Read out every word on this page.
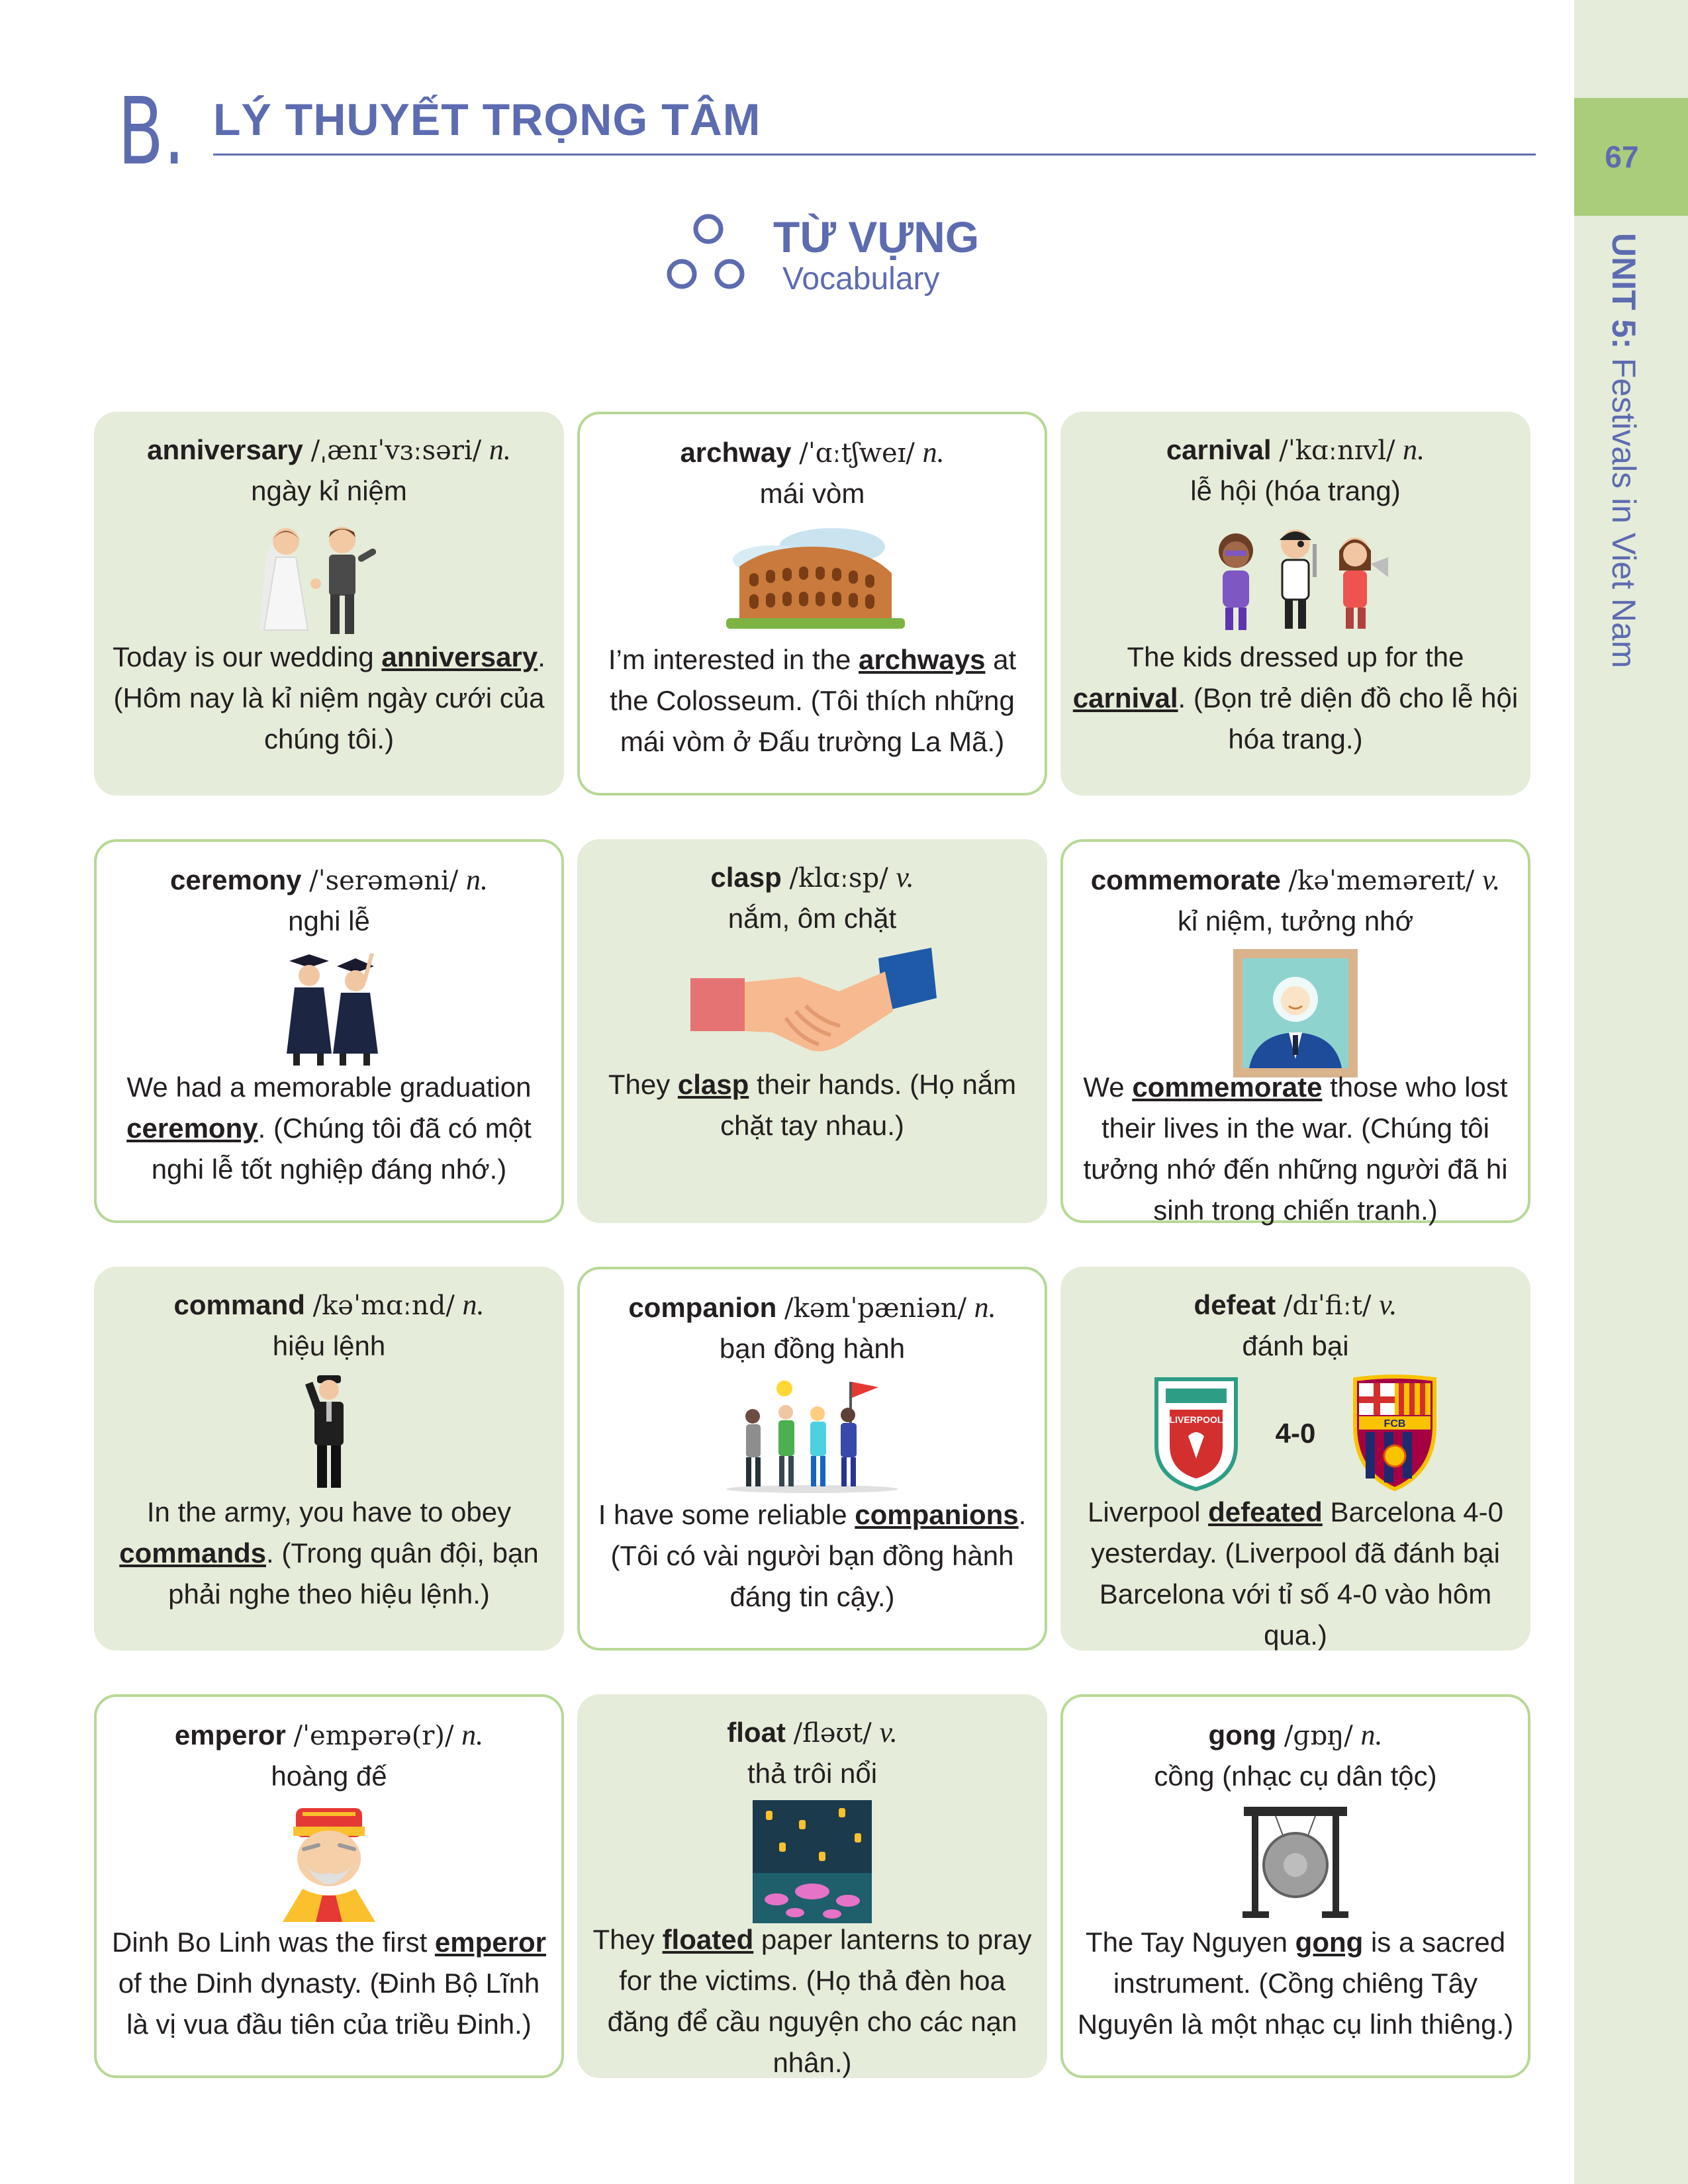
67
UNIT 5: Festivals in Viet Nam
B. LÝ THUYẾT TRỌNG TÂM
TỪ VỰNG
Vocabulary
anniversary /ˌænɪˈvɜːsəri/ n.
ngày kỉ niệm
Today is our wedding anniversary. (Hôm nay là kỉ niệm ngày cưới của chúng tôi.)
archway /ˈɑːtʃweɪ/ n.
mái vòm
I’m interested in the archways at the Colosseum. (Tôi thích những mái vòm ở Đấu trường La Mã.)
carnival /ˈkɑːnɪvl/ n.
lễ hội (hóa trang)
The kids dressed up for the carnival. (Bọn trẻ diện đồ cho lễ hội hóa trang.)
ceremony /ˈserəməni/ n.
nghi lễ
We had a memorable graduation ceremony. (Chúng tôi đã có một nghi lễ tốt nghiệp đáng nhớ.)
clasp /klɑːsp/ v.
nắm, ôm chặt
They clasp their hands. (Họ nắm chặt tay nhau.)
commemorate /kəˈmeməreɪt/ v.
kỉ niệm, tưởng nhớ
We commemorate those who lost their lives in the war. (Chúng tôi tưởng nhớ đến những người đã hi sinh trong chiến tranh.)
command /kəˈmɑːnd/ n.
hiệu lệnh
In the army, you have to obey commands. (Trong quân đội, bạn phải nghe theo hiệu lệnh.)
companion /kəmˈpæniən/ n.
bạn đồng hành
I have some reliable companions. (Tôi có vài người bạn đồng hành đáng tin cậy.)
defeat /dɪˈfiːt/ v.
đánh bại
LIVERPOOL 4-0	FCB
Liverpool defeated Barcelona 4-0 yesterday. (Liverpool đã đánh bại Barcelona với tỉ số 4-0 vào hôm qua.)
emperor /ˈempərə(r)/ n.
hoàng đế
Dinh Bo Linh was the first emperor of the Dinh dynasty. (Đinh Bộ Lĩnh là vị vua đầu tiên của triều Đinh.)
float /fləʊt/ v.
thả trôi nổi
They floated paper lanterns to pray for the victims. (Họ thả đèn hoa đăng để cầu nguyện cho các nạn nhân.)
gong /ɡɒŋ/ n.
cồng (nhạc cụ dân tộc)
The Tay Nguyen gong is a sacred instrument. (Cồng chiêng Tây Nguyên là một nhạc cụ linh thiêng.)
